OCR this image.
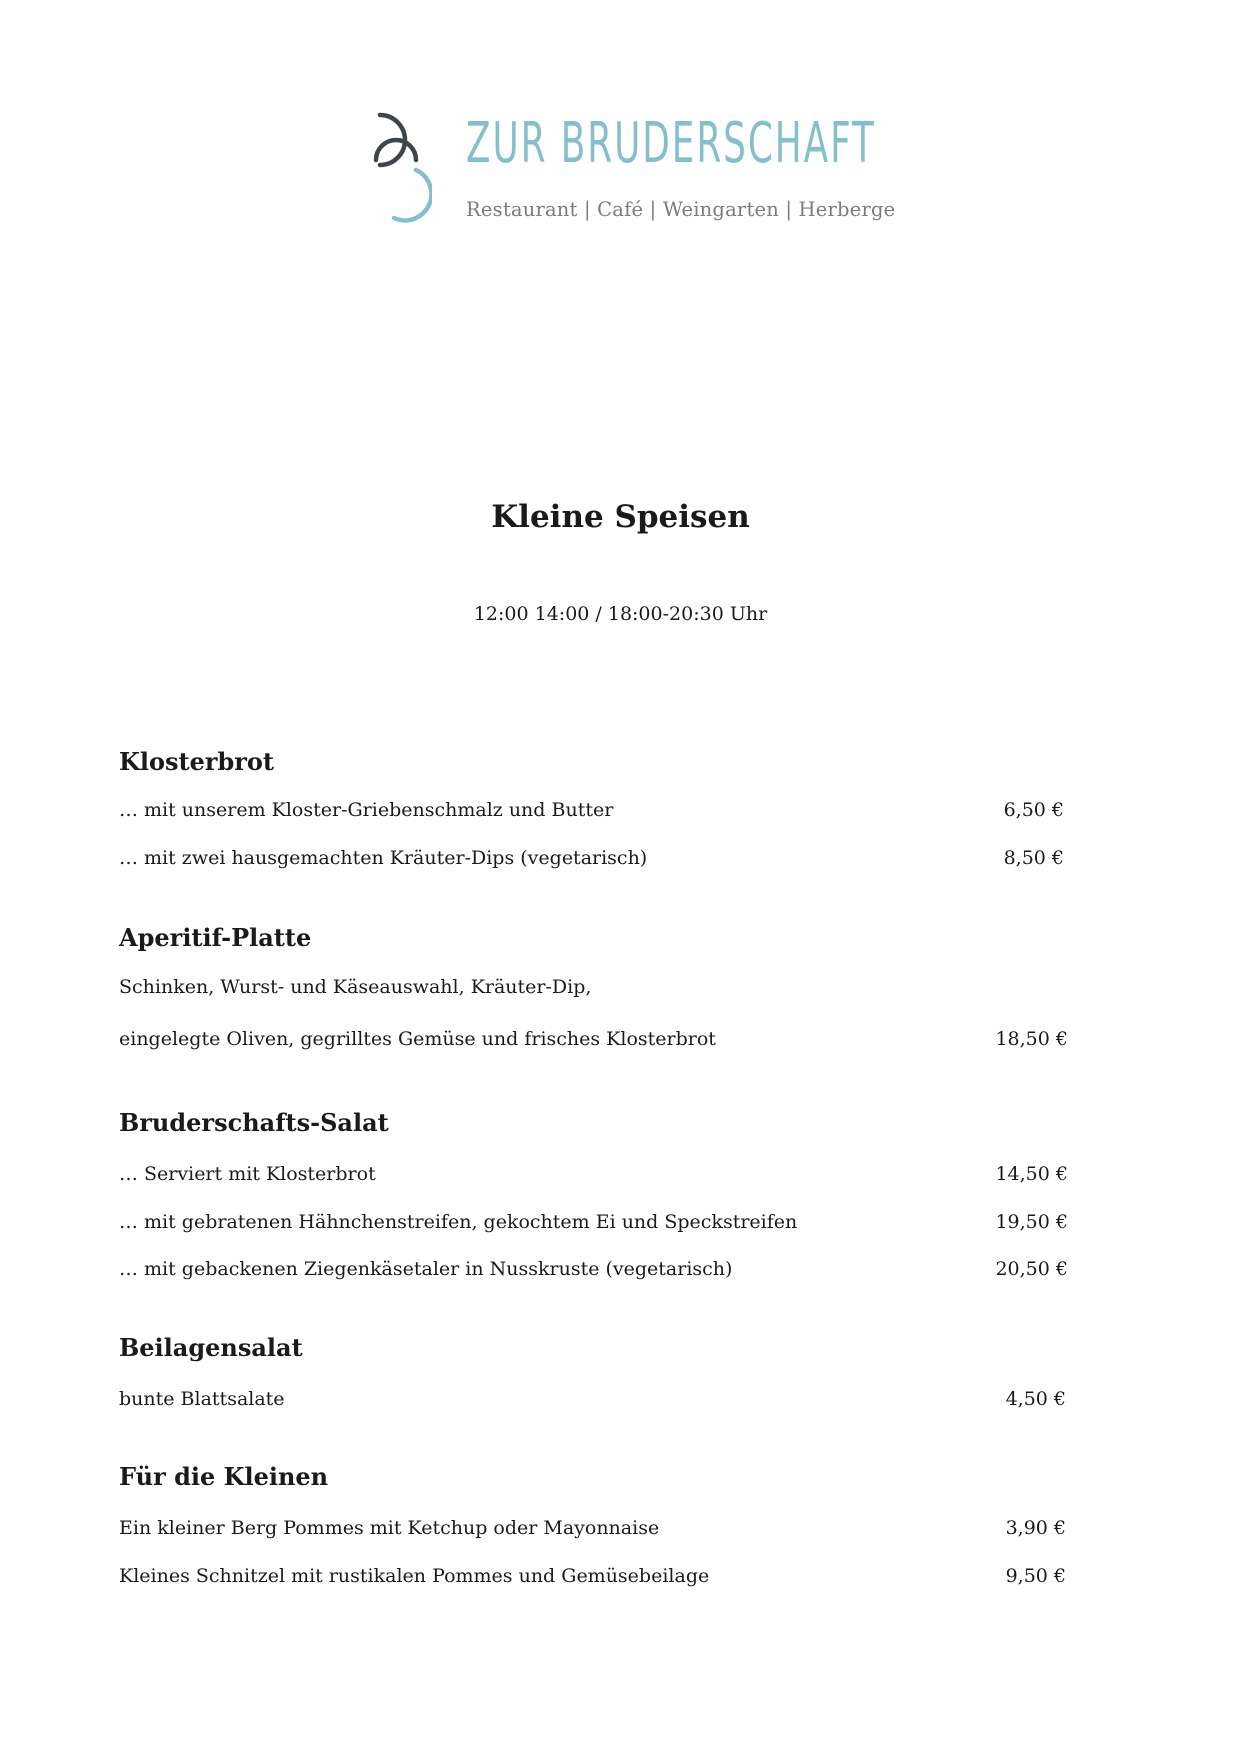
ZUR BRUDERSCHAFT
Restaurant | Café | Weingarten | Herberge
Kleine Speisen
12:00 14:00 / 18:00-20:30 Uhr
Klosterbrot
… mit unserem Kloster-Griebenschmalz und Butter	6,50 €
… mit zwei hausgemachten Kräuter-Dips (vegetarisch)	8,50 €
Aperitif-Platte
Schinken, Wurst- und Käseauswahl, Kräuter-Dip,
eingelegte Oliven, gegrilltes Gemüse und frisches Klosterbrot	18,50 €
Bruderschafts-Salat
… Serviert mit Klosterbrot	14,50 €
… mit gebratenen Hähnchenstreifen, gekochtem Ei und Speckstreifen	19,50 €
… mit gebackenen Ziegenkäsetaler in Nusskruste (vegetarisch)	20,50 €
Beilagensalat
bunte Blattsalate	4,50 €
Für die Kleinen
Ein kleiner Berg Pommes mit Ketchup oder Mayonnaise	3,90 €
Kleines Schnitzel mit rustikalen Pommes und Gemüsebeilage	9,50 €
